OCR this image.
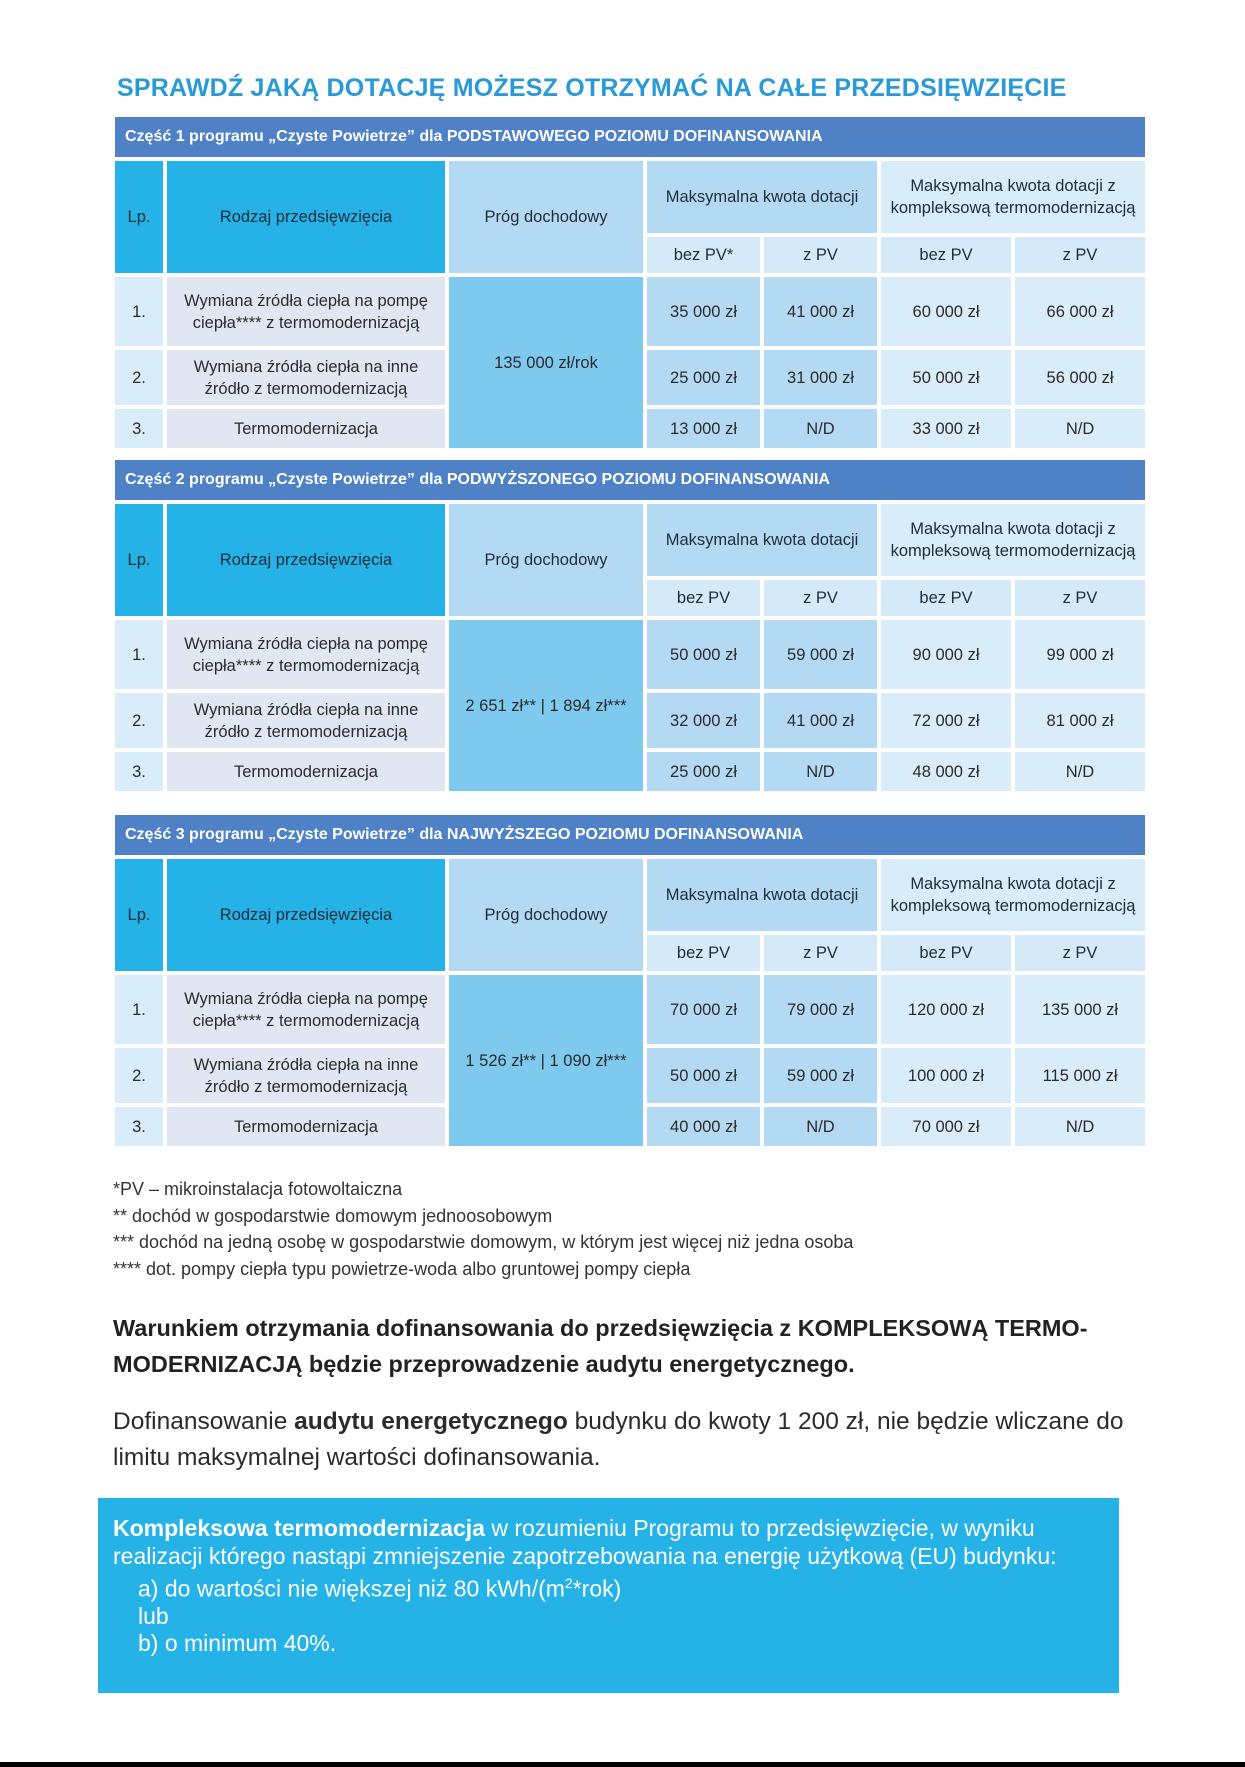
SPRAWDŹ JAKĄ DOTACJĘ MOŻESZ OTRZYMAĆ NA CAŁE PRZEDSIĘWZIĘCIE
Część 1 programu „Czyste Powietrze” dla PODSTAWOWEGO POZIOMU DOFINANSOWANIA						
Lp.	Rodzaj przedsięwzięcia	Próg dochodowy	Maksymalna kwota dotacji		Maksymalna kwota dotacji z kompleksową termomodernizacją	
			bez PV*	z PV	bez PV	z PV
1.	Wymiana źródła ciepła na pompę ciepła**** z termomodernizacją	135 000 zł/rok	35 000 zł	41 000 zł	60 000 zł	66 000 zł
2.	Wymiana źródła ciepła na inne źródło z termomodernizacją		25 000 zł	31 000 zł	50 000 zł	56 000 zł
3.	Termomodernizacja		13 000 zł	N/D	33 000 zł	N/D
Część 2 programu „Czyste Powietrze” dla PODWYŻSZONEGO POZIOMU DOFINANSOWANIA						
Lp.	Rodzaj przedsięwzięcia	Próg dochodowy	Maksymalna kwota dotacji		Maksymalna kwota dotacji z kompleksową termomodernizacją	
			bez PV	z PV	bez PV	z PV
1.	Wymiana źródła ciepła na pompę ciepła**** z termomodernizacją	2 651 zł** | 1 894 zł***	50 000 zł	59 000 zł	90 000 zł	99 000 zł
2.	Wymiana źródła ciepła na inne źródło z termomodernizacją		32 000 zł	41 000 zł	72 000 zł	81 000 zł
3.	Termomodernizacja		25 000 zł	N/D	48 000 zł	N/D
Część 3 programu „Czyste Powietrze” dla NAJWYŻSZEGO POZIOMU DOFINANSOWANIA						
Lp.	Rodzaj przedsięwzięcia	Próg dochodowy	Maksymalna kwota dotacji		Maksymalna kwota dotacji z kompleksową termomodernizacją	
			bez PV	z PV	bez PV	z PV
1.	Wymiana źródła ciepła na pompę ciepła**** z termomodernizacją	1 526 zł** | 1 090 zł***	70 000 zł	79 000 zł	120 000 zł	135 000 zł
2.	Wymiana źródła ciepła na inne źródło z termomodernizacją		50 000 zł	59 000 zł	100 000 zł	115 000 zł
3.	Termomodernizacja		40 000 zł	N/D	70 000 zł	N/D
*PV – mikroinstalacja fotowoltaiczna
** dochód w gospodarstwie domowym jednoosobowym
*** dochód na jedną osobę w gospodarstwie domowym, w którym jest więcej niż jedna osoba
**** dot. pompy ciepła typu powietrze-woda albo gruntowej pompy ciepła

Warunkiem otrzymania dofinansowania do przedsięwzięcia z KOMPLEKSOWĄ TERMO-MODERNIZACJĄ będzie przeprowadzenie audytu energetycznego.

Dofinansowanie audytu energetycznego budynku do kwoty 1 200 zł, nie będzie wliczane do limitu maksymalnej wartości dofinansowania.

Kompleksowa termomodernizacja w rozumieniu Programu to przedsięwzięcie, w wyniku realizacji którego nastąpi zmniejszenie zapotrzebowania na energię użytkową (EU) budynku:

a) do wartości nie większej niż 80 kWh/$(m^2*rok)$
lub
b) o minimum 40%.
